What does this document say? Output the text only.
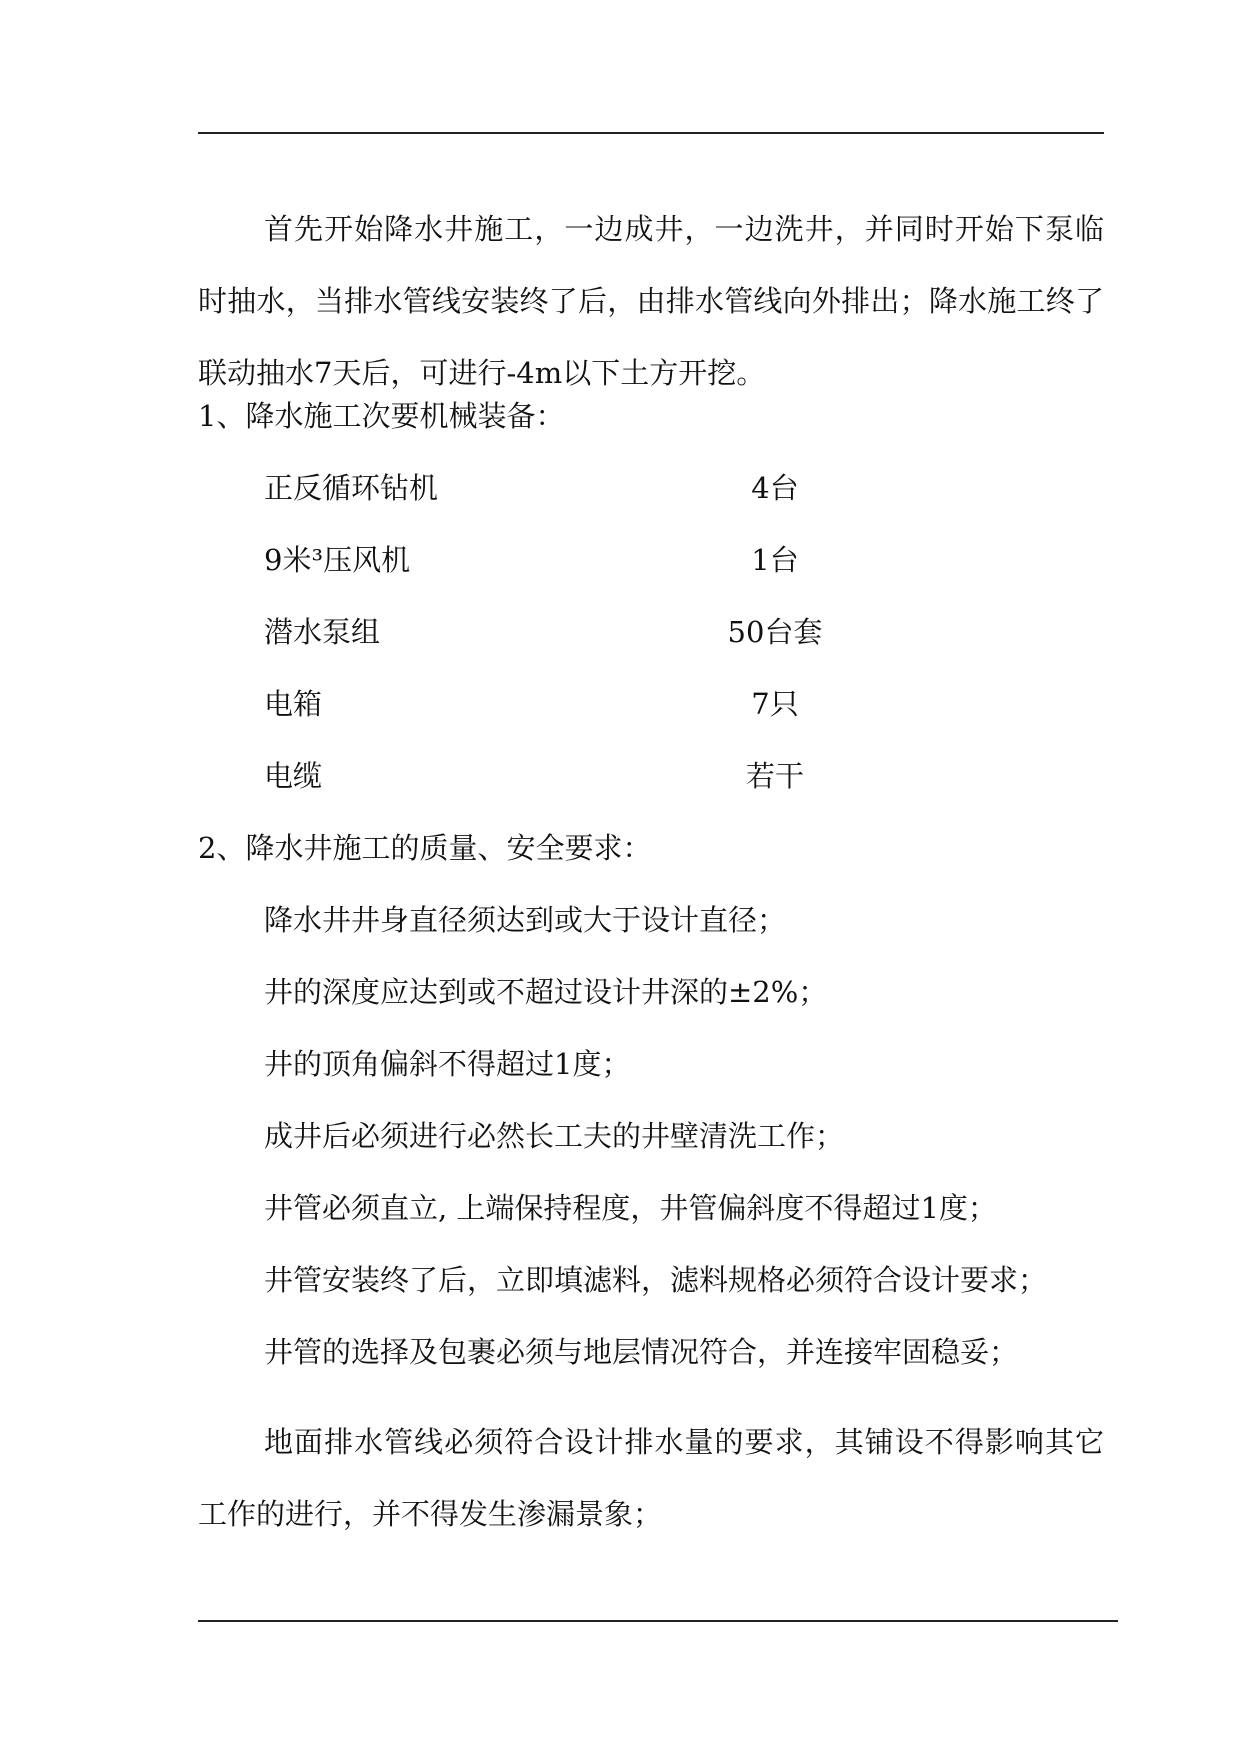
首先开始降水井施工，一边成井，一边洗井，并同时开始下泵临时抽水，当排水管线安装终了后，由排水管线向外排出；降水施工终了联动抽水7天后，可进行-4m以下土方开挖。
1、降水施工次要机械装备：
正反循环钻机	4台
9米³压风机	1台
潜水泵组	50台套
电箱	7只
电缆	若干
2、降水井施工的质量、安全要求：
降水井井身直径须达到或大于设计直径；
井的深度应达到或不超过设计井深的±2%；
井的顶角偏斜不得超过1度；
成井后必须进行必然长工夫的井壁清洗工作；
井管必须直立, 上端保持程度，井管偏斜度不得超过1度；
井管安装终了后，立即填滤料，滤料规格必须符合设计要求；
井管的选择及包裹必须与地层情况符合，并连接牢固稳妥；
地面排水管线必须符合设计排水量的要求，其铺设不得影响其它工作的进行，并不得发生渗漏景象；
